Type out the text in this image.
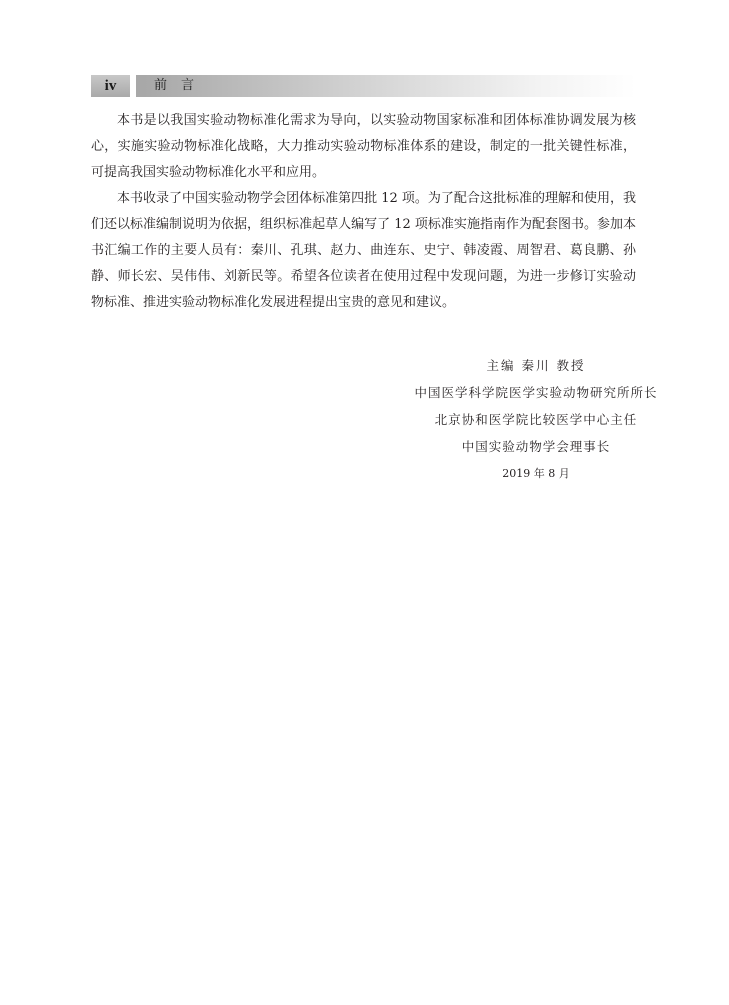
iv	前言

本书是以我国实验动物标准化需求为导向，以实验动物国家标准和团体标准协调发展为核心，实施实验动物标准化战略，大力推动实验动物标准体系的建设，制定的一批关键性标准，可提高我国实验动物标准化水平和应用。

本书收录了中国实验动物学会团体标准第四批 12 项。为了配合这批标准的理解和使用，我们还以标准编制说明为依据，组织标准起草人编写了 12 项标准实施指南作为配套图书。参加本书汇编工作的主要人员有：秦川、孔琪、赵力、曲连东、史宁、韩凌霞、周智君、葛良鹏、孙静、师长宏、吴伟伟、刘新民等。希望各位读者在使用过程中发现问题，为进一步修订实验动物标准、推进实验动物标准化发展进程提出宝贵的意见和建议。

主编 秦川 教授
中国医学科学院医学实验动物研究所所长
北京协和医学院比较医学中心主任
中国实验动物学会理事长
2019 年 8 月
